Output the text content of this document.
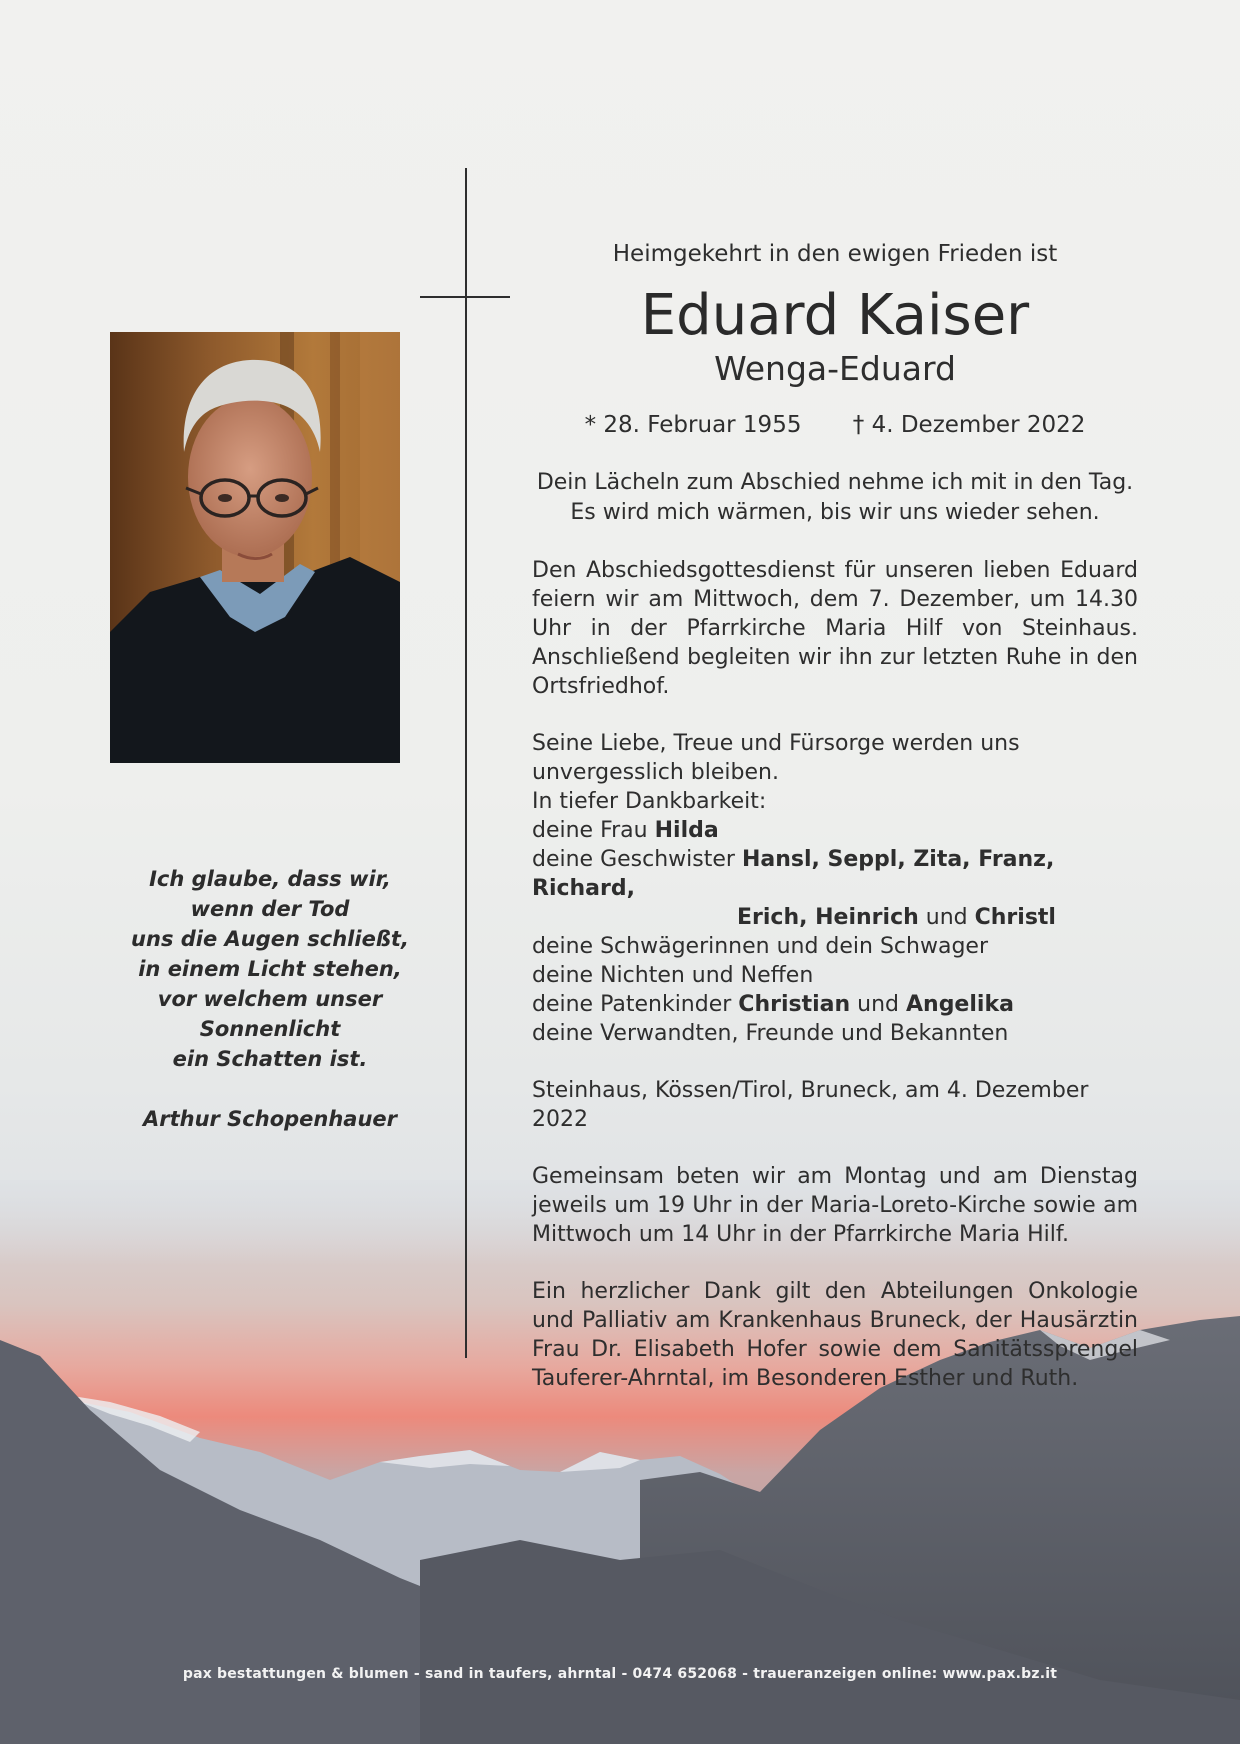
Ich glaube, dass wir,
wenn der Tod
uns die Augen schließt,
in einem Licht stehen,
vor welchem unser Sonnenlicht
ein Schatten ist.
Arthur Schopenhauer
Heimgekehrt in den ewigen Frieden ist
Eduard Kaiser
Wenga-Eduard
* 28. Februar 1955 † 4. Dezember 2022
Dein Lächeln zum Abschied nehme ich mit in den Tag.
Es wird mich wärmen, bis wir uns wieder sehen.
Den Abschiedsgottesdienst für unseren lieben Eduard feiern wir am Mittwoch, dem 7. Dezember, um 14.30 Uhr in der Pfarrkirche Maria Hilf von Steinhaus. Anschließend begleiten wir ihn zur letzten Ruhe in den Ortsfriedhof.
Seine Liebe, Treue und Fürsorge werden uns
unvergesslich bleiben.
In tiefer Dankbarkeit:
deine Frau Hilda
deine Geschwister Hansl, Seppl, Zita, Franz, Richard,
Erich, Heinrich und Christl
deine Schwägerinnen und dein Schwager
deine Nichten und Neffen
deine Patenkinder Christian und Angelika
deine Verwandten, Freunde und Bekannten
Steinhaus, Kössen/Tirol, Bruneck, am 4. Dezember 2022
Gemeinsam beten wir am Montag und am Dienstag jeweils um 19 Uhr in der Maria-Loreto-Kirche sowie am Mittwoch um 14 Uhr in der Pfarrkirche Maria Hilf.
Ein herzlicher Dank gilt den Abteilungen Onkologie und Palliativ am Krankenhaus Bruneck, der Hausärztin Frau Dr. Elisabeth Hofer sowie dem Sanitätssprengel Tauferer-Ahrntal, im Besonderen Esther und Ruth.
pax bestattungen & blumen - sand in taufers, ahrntal - 0474 652068 - traueranzeigen online: www.pax.bz.it
